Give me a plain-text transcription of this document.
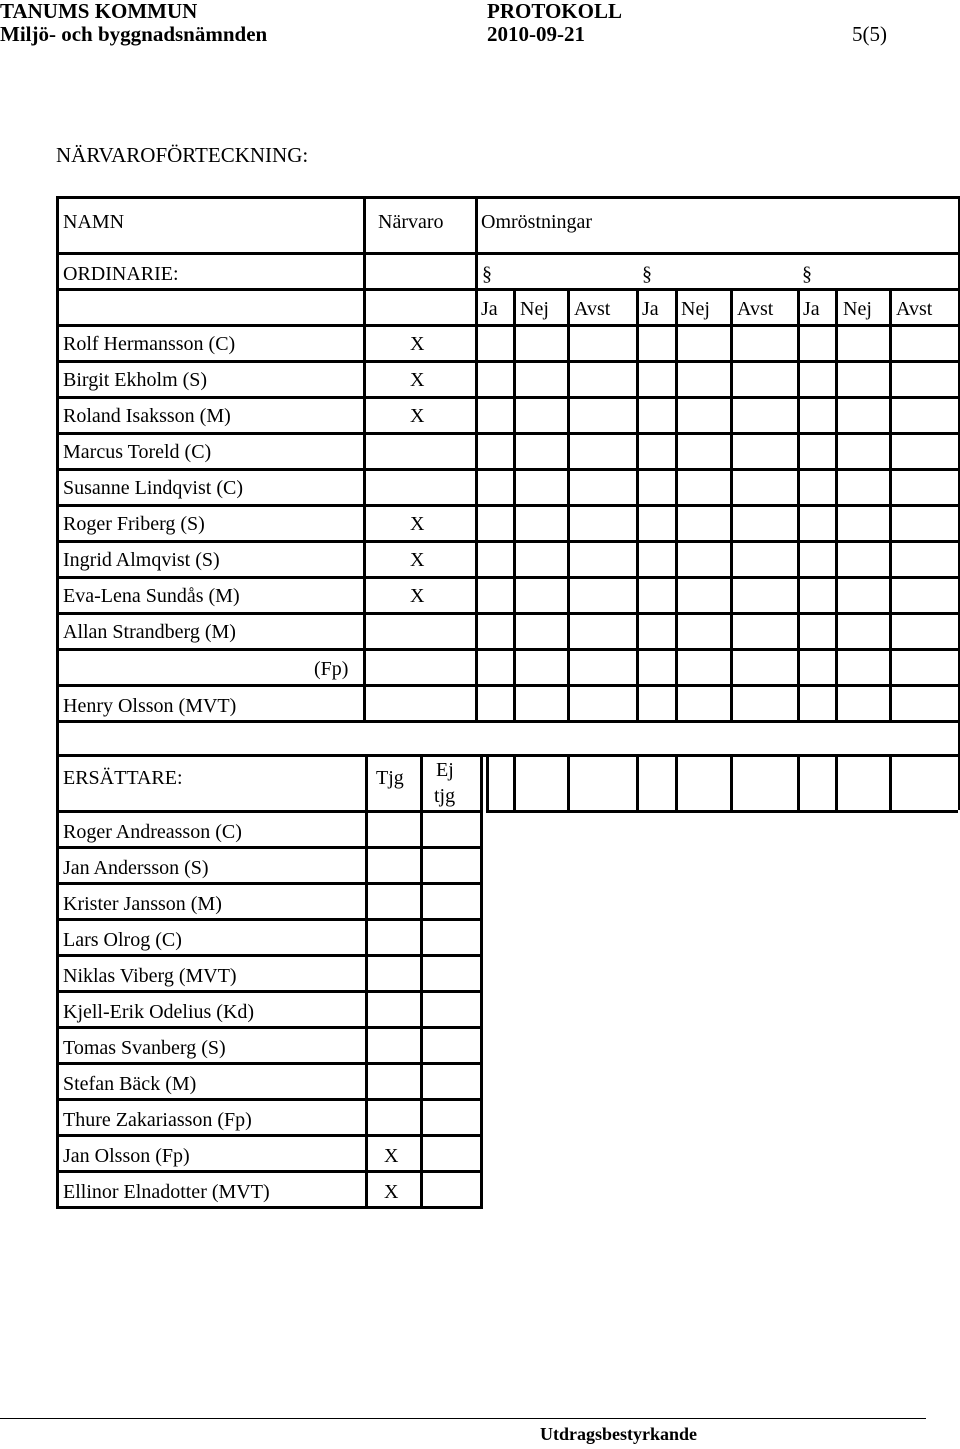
TANUMS KOMMUN
Miljö- och byggnadsnämnden
PROTOKOLL
2010-09-21	5(5)
NÄRVAROFÖRTECKNING:
NAMN	Närvaro Omröstningar
ORDINARIE:	§	§	§
Ja Nej Avst Ja Nej Avst Ja Nej Avst
Rolf Hermansson (C)	X
Birgit Ekholm (S)	X
Roland Isaksson (M)	X
Marcus Toreld (C)
Susanne Lindqvist (C)
Roger Friberg (S)	X
Ingrid Almqvist (S)	X
Eva-Lena Sundås (M)	X
Allan Strandberg (M)
(Fp)
Henry Olsson (MVT)
ERSÄTTARE:	Tjg Ej
tjg
Roger Andreasson (C)
Jan Andersson (S)
Krister Jansson (M)
Lars Olrog (C)
Niklas Viberg (MVT)
Kjell-Erik Odelius (Kd)
Tomas Svanberg (S)
Stefan Bäck (M)
Thure Zakariasson (Fp)
Jan Olsson (Fp)	X
Ellinor Elnadotter (MVT)	X
Utdragsbestyrkande
